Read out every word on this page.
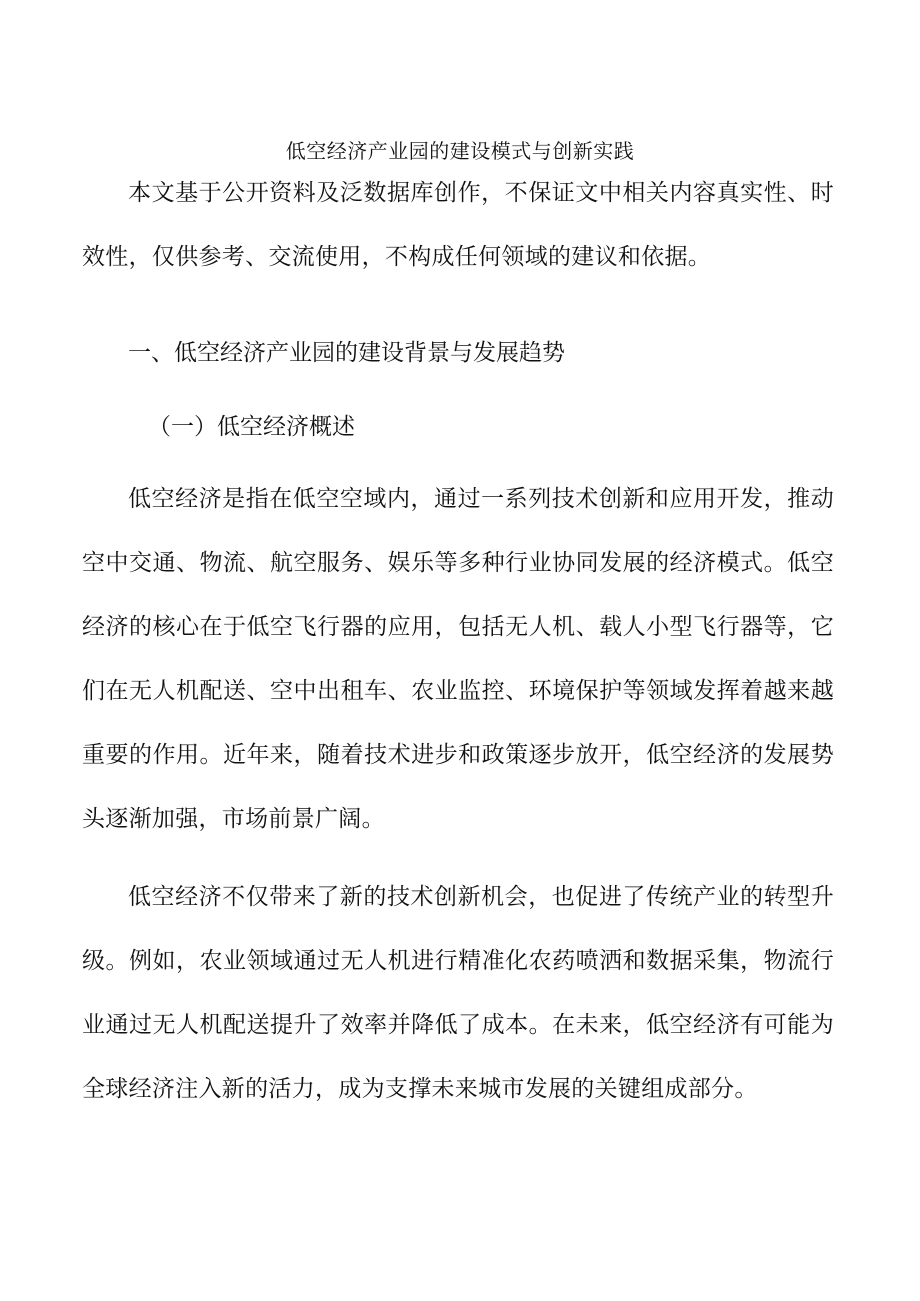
低空经济产业园的建设模式与创新实践

本文基于公开资料及泛数据库创作，不保证文中相关内容真实性、时效性，仅供参考、交流使用，不构成任何领域的建议和依据。

一、低空经济产业园的建设背景与发展趋势
（一）低空经济概述

低空经济是指在低空空域内，通过一系列技术创新和应用开发，推动空中交通、物流、航空服务、娱乐等多种行业协同发展的经济模式。低空经济的核心在于低空飞行器的应用，包括无人机、载人小型飞行器等，它们在无人机配送、空中出租车、农业监控、环境保护等领域发挥着越来越重要的作用。近年来，随着技术进步和政策逐步放开，低空经济的发展势头逐渐加强，市场前景广阔。

低空经济不仅带来了新的技术创新机会，也促进了传统产业的转型升级。例如，农业领域通过无人机进行精准化农药喷洒和数据采集，物流行业通过无人机配送提升了效率并降低了成本。在未来，低空经济有可能为全球经济注入新的活力，成为支撑未来城市发展的关键组成部分。
